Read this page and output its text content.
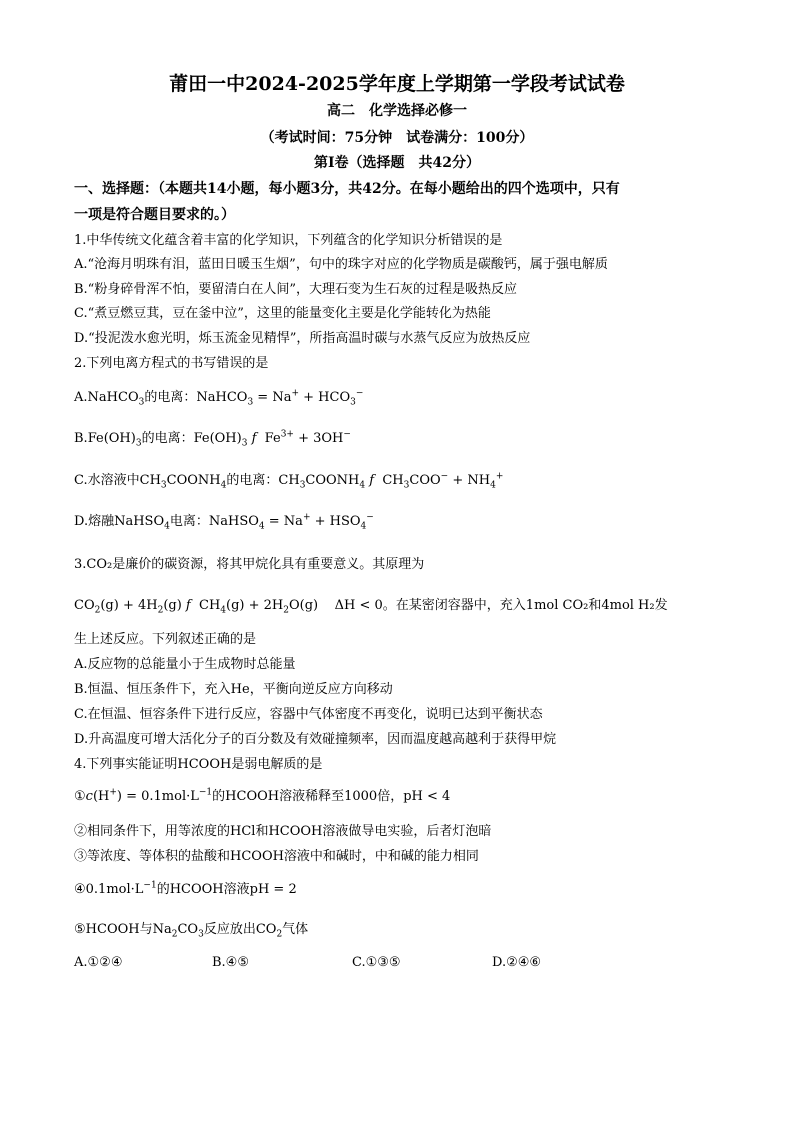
莆田一中2024-2025学年度上学期第一学段考试试卷
高二　化学选择必修一
（考试时间：75分钟　试卷满分：100分）
第Ⅰ卷（选择题　共42分）
一、选择题：（本题共14小题，每小题3分，共42分。在每小题给出的四个选项中，只有
一项是符合题目要求的。）
1.中华传统文化蕴含着丰富的化学知识，下列蕴含的化学知识分析错误的是
A.“沧海月明珠有泪，蓝田日暖玉生烟”，句中的珠字对应的化学物质是碳酸钙，属于强电解质
B.“粉身碎骨浑不怕，要留清白在人间”，大理石变为生石灰的过程是吸热反应
C.“煮豆燃豆萁，豆在釜中泣”，这里的能量变化主要是化学能转化为热能
D.“投泥泼水愈光明，烁玉流金见精悍”，所指高温时碳与水蒸气反应为放热反应
2.下列电离方程式的书写错误的是
A.NaHCO$_3$的电离：NaHCO$_3$ = $Na^+ + HCO_3^-$
$B.Fe(OH)_3$的电离：$Fe(OH)_3$ f  $Fe^{3+} + 3OH^-$
C.水溶液中$CH_3COONH_4$的电离：$CH_3COONH_4$ f  $CH_3COO^- + NH_4^+$
D.熔融NaHSO$_4$电离：NaHSO$_4$ = $Na^+ + HSO_4^-$
3.CO₂是廉价的碳资源，将其甲烷化具有重要意义。其原理为
$CO_2(g) + 4H_2(g)$ f  $CH_4(g) + 2H_2O(g)$    ΔH < 0。在某密闭容器中，充入1mol CO₂和4mol H₂发
生上述反应。下列叙述正确的是
A.反应物的总能量小于生成物时总能量
B.恒温、恒压条件下，充入He，平衡向逆反应方向移动
C.在恒温、恒容条件下进行反应，容器中气体密度不再变化，说明已达到平衡状态
D.升高温度可增大活化分子的百分数及有效碰撞频率，因而温度越高越利于获得甲烷
4.下列事实能证明HCOOH是弱电解质的是
①c(H+) = $0.1mol\cdot L^{-1}$的HCOOH溶液稀释至1000倍，pH < 4
②相同条件下，用等浓度的HCl和HCOOH溶液做导电实验，后者灯泡暗
③等浓度、等体积的盐酸和HCOOH溶液中和碱时，中和碱的能力相同
$④0.1mol\cdot L^{-1}$的HCOOH溶液pH = 2
⑤HCOOH与$Na_2CO_3$反应放出$CO_2$气体
A.①②④	B.④⑤	C.①③⑤	D.②④⑥
